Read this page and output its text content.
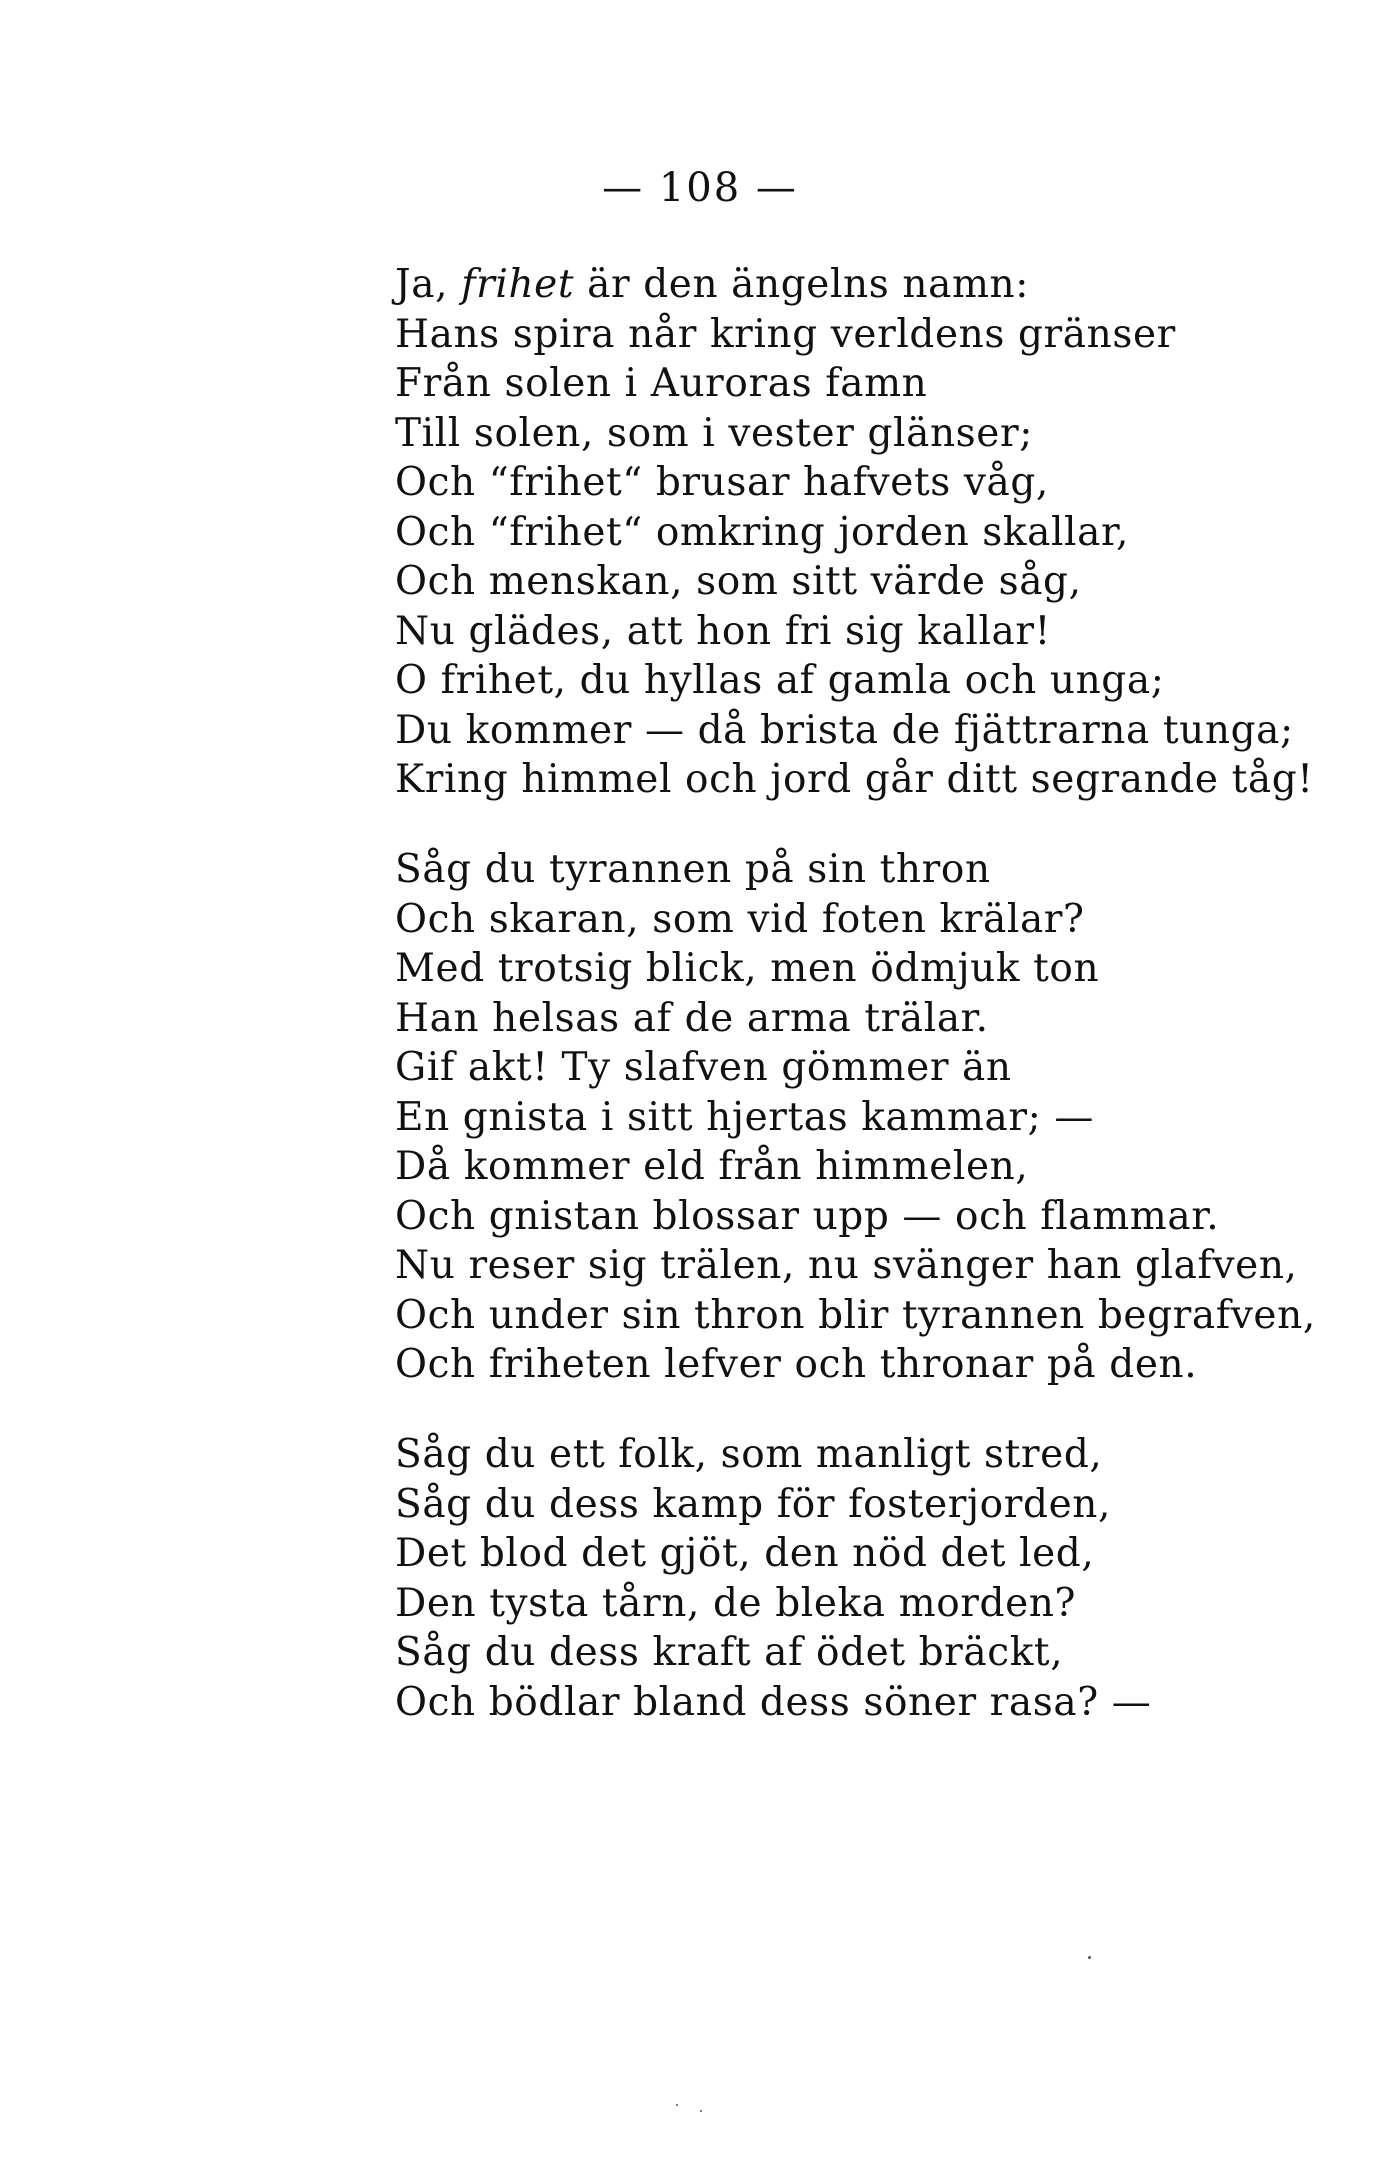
— 108 —
Ja, frihet är den ängelns namn:
Hans spira når kring verldens gränser
Från solen i Auroras famn
Till solen, som i vester glänser;
Och “frihet“ brusar hafvets våg,
Och “frihet“ omkring jorden skallar,
Och menskan, som sitt värde såg,
Nu glädes, att hon fri sig kallar!
O frihet, du hyllas af gamla och unga;
Du kommer — då brista de fjättrarna tunga;
Kring himmel och jord går ditt segrande tåg!
Såg du tyrannen på sin thron
Och skaran, som vid foten krälar?
Med trotsig blick, men ödmjuk ton
Han helsas af de arma trälar.
Gif akt! Ty slafven gömmer än
En gnista i sitt hjertas kammar; —
Då kommer eld från himmelen,
Och gnistan blossar upp — och flammar.
Nu reser sig trälen, nu svänger han glafven,
Och under sin thron blir tyrannen begrafven,
Och friheten lefver och thronar på den.
Såg du ett folk, som manligt stred,
Såg du dess kamp för fosterjorden,
Det blod det gjöt, den nöd det led,
Den tysta tårn, de bleka morden?
Såg du dess kraft af ödet bräckt,
Och bödlar bland dess söner rasa? —
